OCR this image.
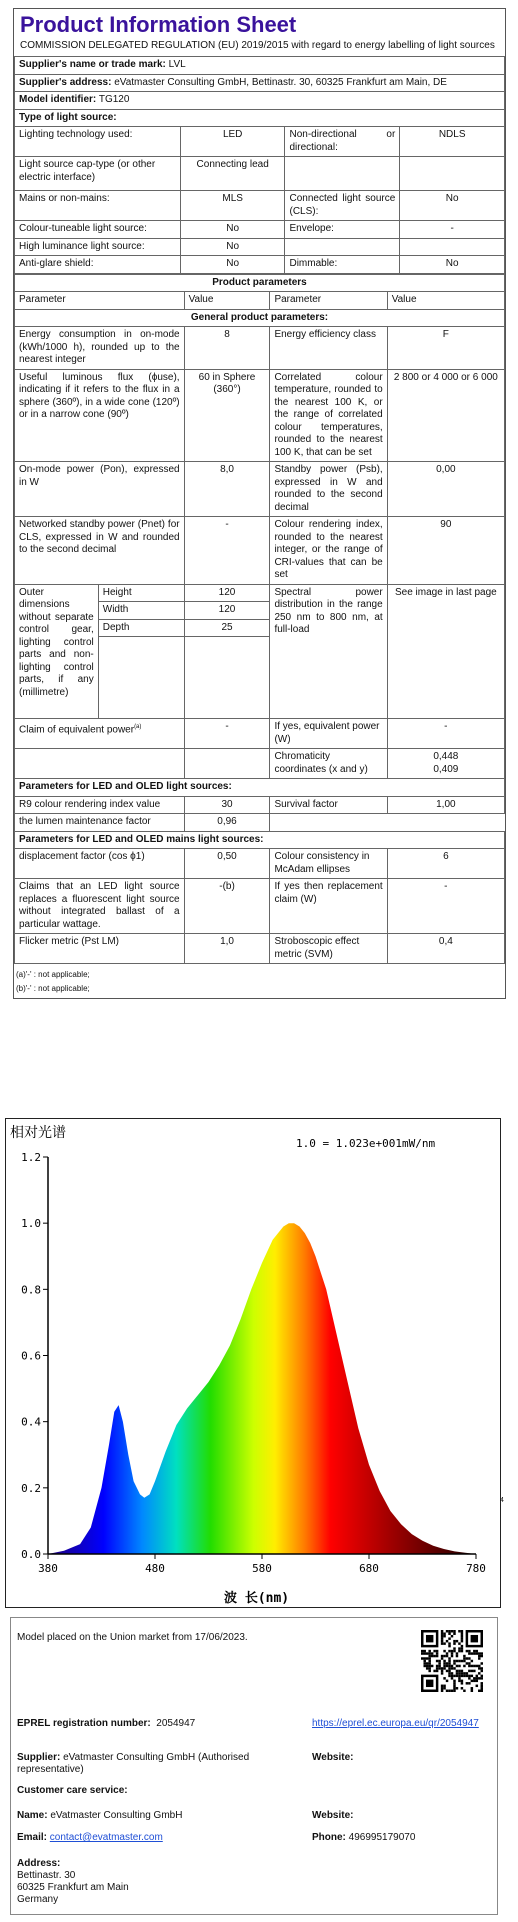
Product Information Sheet
COMMISSION DELEGATED REGULATION (EU) 2019/2015 with regard to energy labelling of light sources
Supplier's name or trade mark: LVL			
Supplier's address: eVatmaster Consulting GmbH, Bettinastr. 30, 60325 Frankfurt am Main, DE			
Model identifier: TG120			
Type of light source:			
Lighting technology used:	LED	Non-directional or directional:	NDLS
Light source cap-type (or other electric interface)	Connecting lead		
Mains or non-mains:	MLS	Connected light source (CLS):	No
Colour-tuneable light source:	No	Envelope:	-
High luminance light source:	No		
Anti-glare shield:	No	Dimmable:	No
Product parameters				
Parameter		Value	Parameter	Value
General product parameters:				
Energy consumption in on-mode (kWh/1000 h), rounded up to the nearest integer		8	Energy efficiency class	F
Useful luminous flux (ϕuse), indicating if it refers to the flux in a sphere (360º), in a wide cone (120º) or in a narrow cone (90º)		60 in Sphere (360°)	Correlated colour temperature, rounded to the nearest 100 K, or the range of correlated colour temperatures, rounded to the nearest 100 K, that can be set	2 800 or 4 000 or 6 000
On-mode power (Pon), expressed in W		8,0	Standby power (Psb), expressed in W and rounded to the second decimal	0,00
Networked standby power (Pnet) for CLS, expressed in W and rounded to the second decimal		-	Colour rendering index, rounded to the nearest integer, or the range of CRI-values that can be set	90
Outer dimensions without separate control gear, lighting control parts and non-lighting control parts, if any (millimetre)	Height	120	Spectral power distribution in the range 250 nm to 800 nm, at full-load	See image in last page
	Width	120		
	Depth	25		

Claim of equivalent power$^{(a)}$		-	If yes, equivalent power (W)	-
			Chromaticity coordinates (x and y)	0,448
0,409

Parameters for LED and OLED light sources:				
R9 colour rendering index value		30	Survival factor	1,00
the lumen maintenance factor		0,96		
Parameters for LED and OLED mains light sources:				
displacement factor (cos ϕ1)		0,50	Colour consistency in McAdam ellipses	6
Claims that an LED light source replaces a fluorescent light source without integrated ballast of a particular wattage.		-(b)	If yes then replacement claim (W)	-
Flicker metric (Pst LM)		1,0	Stroboscopic effect metric (SVM)	0,4
(a)'-' : not applicable;
(b)'-' : not applicable;
相对光谱
1.0 = 1.023e+001mW/nm
波 长(nm)
0.0
0.2
0.4
0.6
0.8
1.0
1.2
380	480	580	680	780
4
Model placed on the Union market from 17/06/2023.
EPREL registration number: 2054947	https://eprel.ec.europa.eu/qr/2054947
Supplier: eVatmaster Consulting GmbH (Authorised representative)
Website:
Customer care service:
Name: eVatmaster Consulting GmbH	Website:
Email: contact@evatmaster.com	Phone: 496995179070
Address:
Bettinastr. 30
60325 Frankfurt am Main
Germany
